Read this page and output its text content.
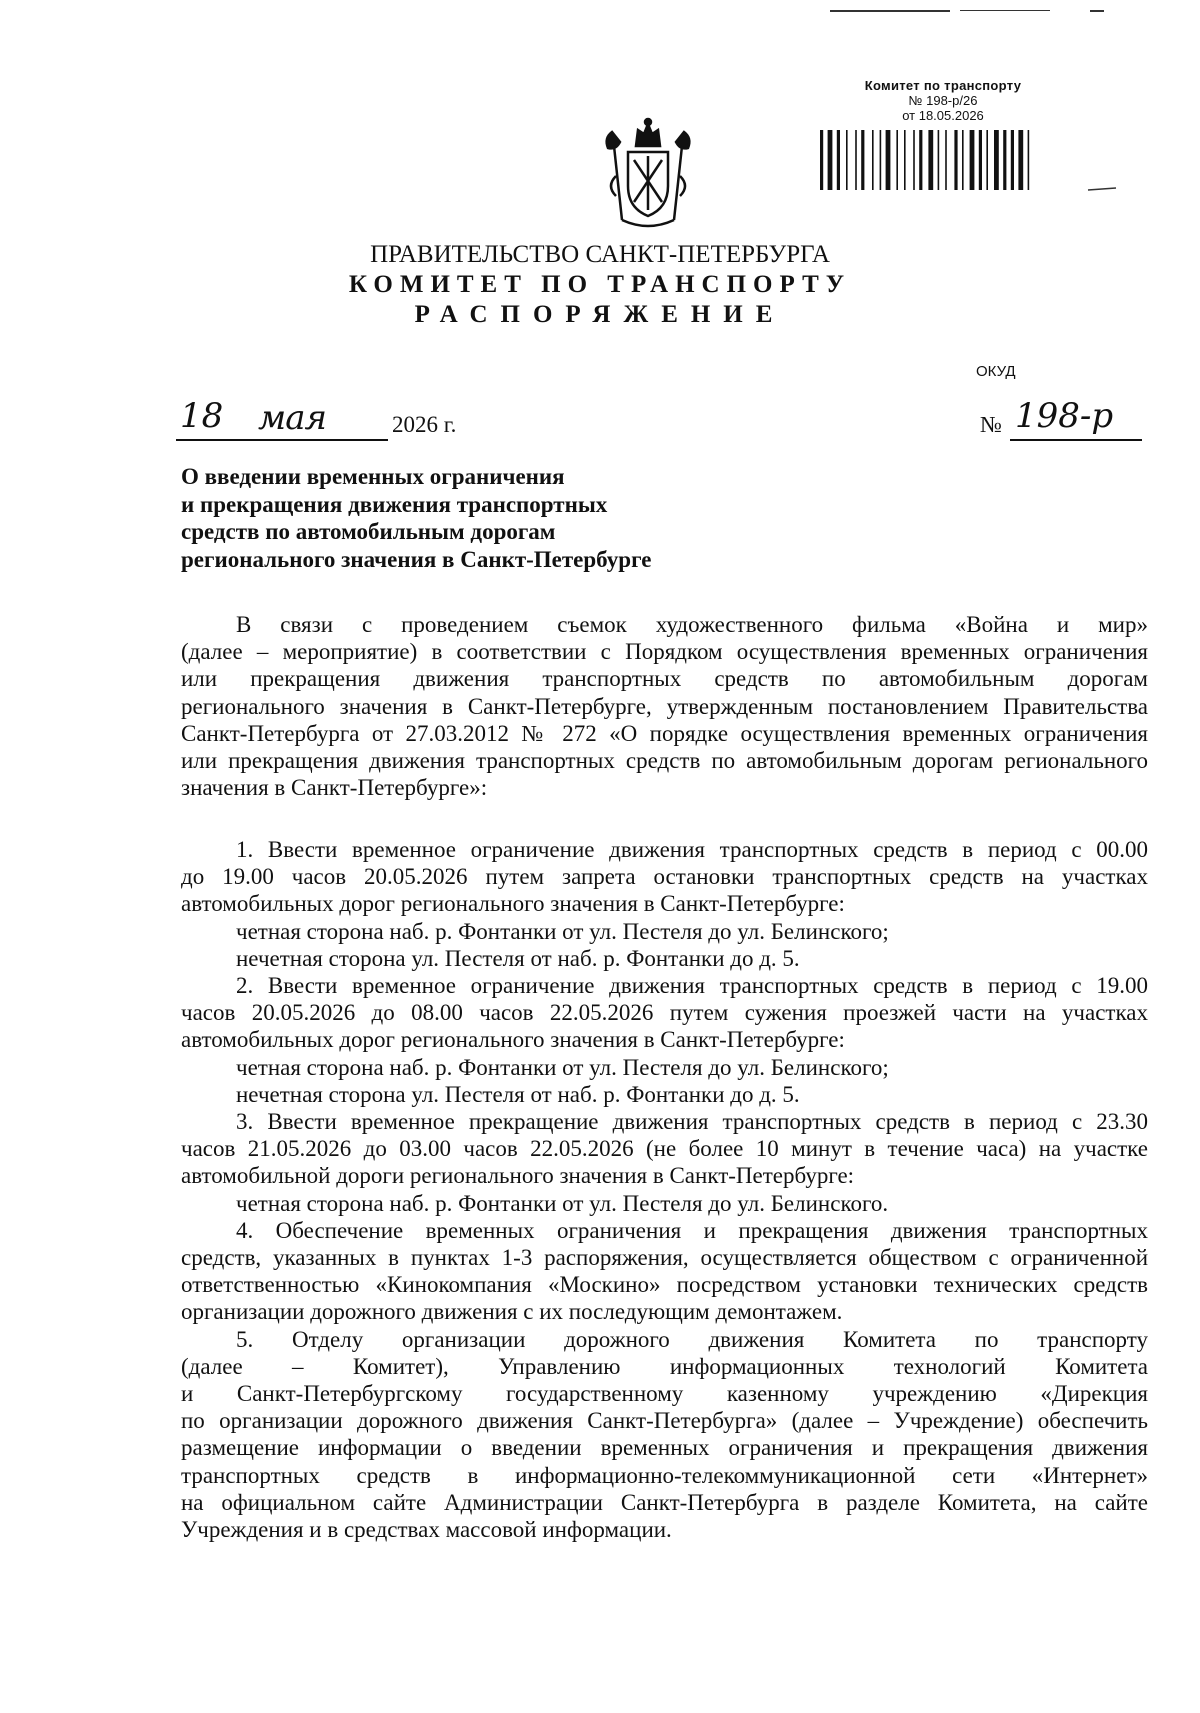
Комитет по транспорту
№ 198-р/26
от 18.05.2026
ПРАВИТЕЛЬСТВО САНКТ-ПЕТЕРБУРГА
КОМИТЕТ ПО ТРАНСПОРТУ
РАСПОРЯЖЕНИЕ
ОКУД
18 мая	2026 г.	№ 198-р
О введении временных ограничения
и прекращения движения транспортных
средств по автомобильным дорогам
регионального значения в Санкт-Петербурге
В связи с проведением съемок художественного фильма «Война и мир»
(далее – мероприятие) в соответствии с Порядком осуществления временных ограничения
или прекращения движения транспортных средств по автомобильным дорогам
регионального значения в Санкт-Петербурге, утвержденным постановлением Правительства
Санкт-Петербурга от 27.03.2012 № 272 «О порядке осуществления временных ограничения
или прекращения движения транспортных средств по автомобильным дорогам регионального
значения в Санкт-Петербурге»:
1. Ввести временное ограничение движения транспортных средств в период с 00.00
до 19.00 часов 20.05.2026 путем запрета остановки транспортных средств на участках
автомобильных дорог регионального значения в Санкт-Петербурге:
четная сторона наб. р. Фонтанки от ул. Пестеля до ул. Белинского;
нечетная сторона ул. Пестеля от наб. р. Фонтанки до д. 5.
2. Ввести временное ограничение движения транспортных средств в период с 19.00
часов 20.05.2026 до 08.00 часов 22.05.2026 путем сужения проезжей части на участках
автомобильных дорог регионального значения в Санкт-Петербурге:
четная сторона наб. р. Фонтанки от ул. Пестеля до ул. Белинского;
нечетная сторона ул. Пестеля от наб. р. Фонтанки до д. 5.
3. Ввести временное прекращение движения транспортных средств в период с 23.30
часов 21.05.2026 до 03.00 часов 22.05.2026 (не более 10 минут в течение часа) на участке
автомобильной дороги регионального значения в Санкт-Петербурге:
четная сторона наб. р. Фонтанки от ул. Пестеля до ул. Белинского.
4. Обеспечение временных ограничения и прекращения движения транспортных
средств, указанных в пунктах 1-3 распоряжения, осуществляется обществом с ограниченной
ответственностью «Кинокомпания «Москино» посредством установки технических средств
организации дорожного движения с их последующим демонтажем.
5. Отделу организации дорожного движения Комитета по транспорту
(далее – Комитет), Управлению информационных технологий Комитета
и Санкт-Петербургскому государственному казенному учреждению «Дирекция
по организации дорожного движения Санкт-Петербурга» (далее – Учреждение) обеспечить
размещение информации о введении временных ограничения и прекращения движения
транспортных средств в информационно-телекоммуникационной сети «Интернет»
на официальном сайте Администрации Санкт-Петербурга в разделе Комитета, на сайте
Учреждения и в средствах массовой информации.
